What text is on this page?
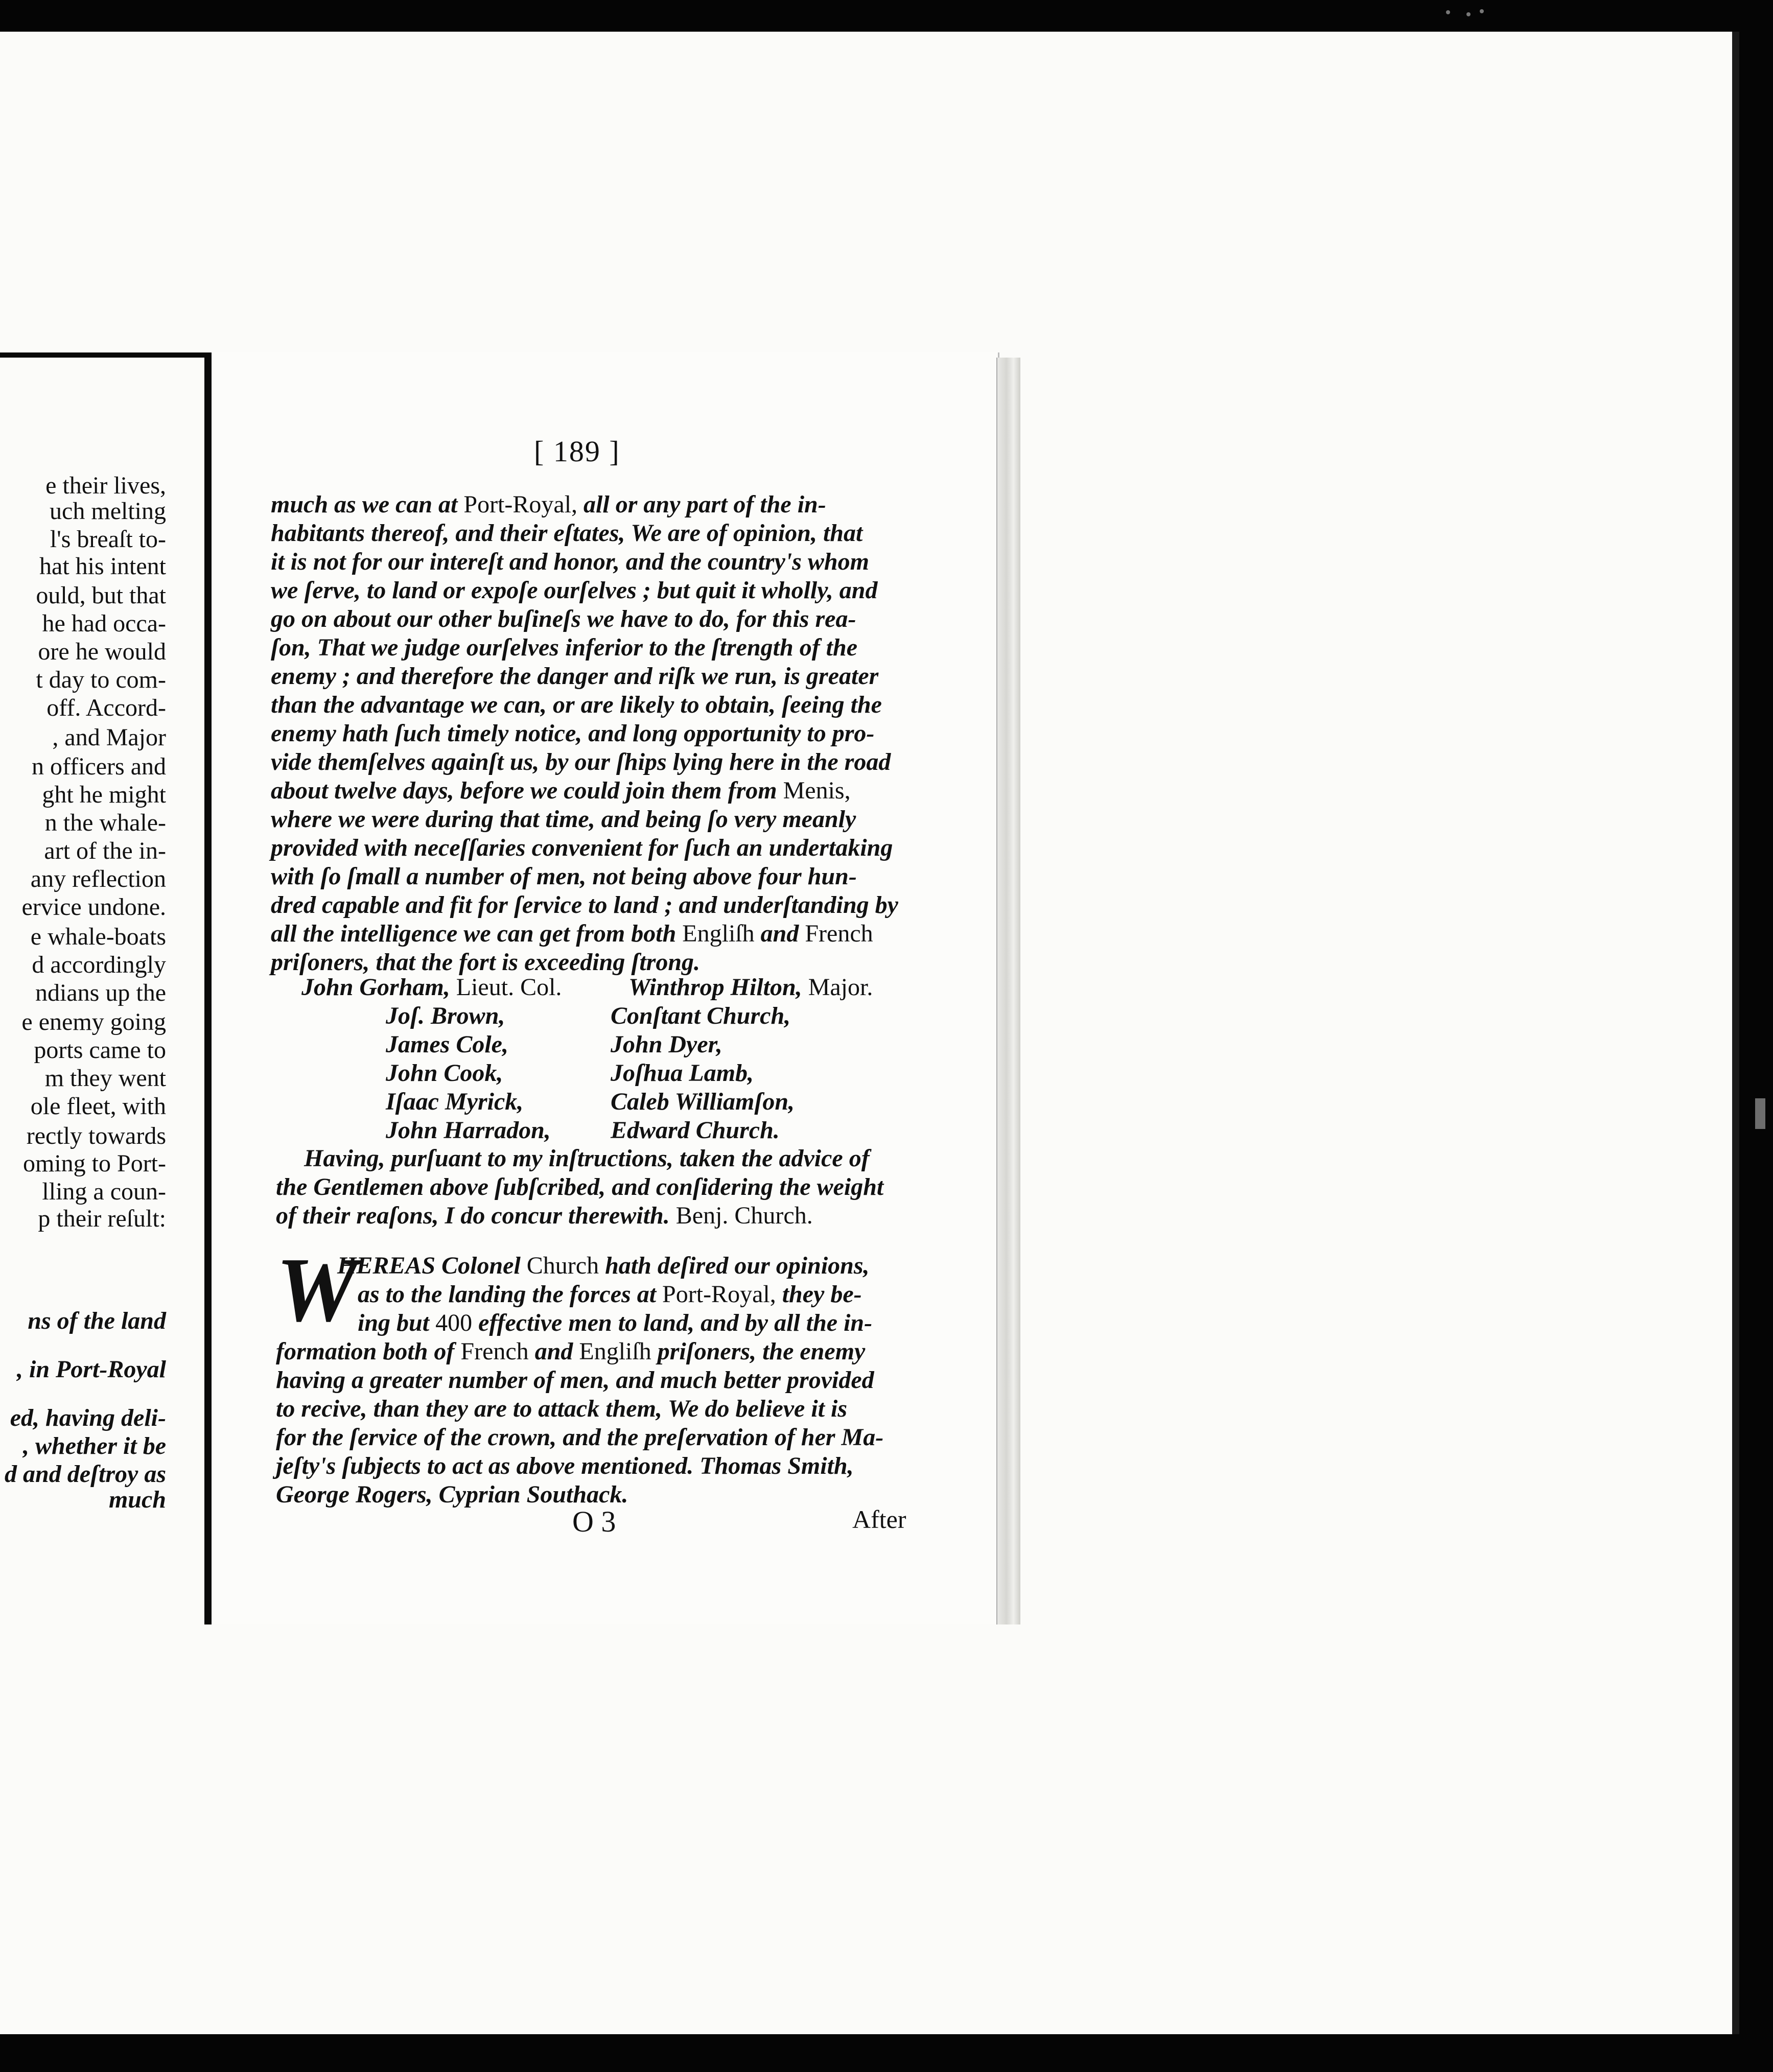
e their lives,
uch melting
l's breaſt to-
hat his intent
ould, but that
he had occa-
ore he would
t day to com-
off. Accord-
, and Major
n officers and
ght he might
n the whale-
art of the in-
any reflection
ervice undone.
e whale-boats
d accordingly
ndians up the
e enemy going
ports came to
m they went
ole fleet, with
rectly towards
oming to Port-
lling a coun-
p their reſult:
ns of the land
, in Port-Royal
ed, having deli-
, whether it be
d and deſtroy as
much
[ 189 ]
much as we can at Port-Royal, all or any part of the in-
habitants thereof, and their eſtates, We are of opinion, that
it is not for our intereſt and honor, and the country's whom
we ſerve, to land or expoſe ourſelves ; but quit it wholly, and
go on about our other buſineſs we have to do, for this rea-
ſon, That we judge ourſelves inferior to the ſtrength of the
enemy ; and therefore the danger and riſk we run, is greater
than the advantage we can, or are likely to obtain, ſeeing the
enemy hath ſuch timely notice, and long opportunity to pro-
vide themſelves againſt us, by our ſhips lying here in the road
about twelve days, before we could join them from Menis,
where we were during that time, and being ſo very meanly
provided with neceſſaries convenient for ſuch an undertaking
with ſo ſmall a number of men, not being above four hun-
dred capable and fit for ſervice to land ; and underſtanding by
all the intelligence we can get from both Engliſh and French
priſoners, that the fort is exceeding ſtrong.
John Gorham, Lieut. Col.
Joſ. Brown,
James Cole,
John Cook,
Iſaac Myrick,
John Harradon,
Winthrop Hilton, Major.
Conſtant Church,
John Dyer,
Joſhua Lamb,
Caleb Williamſon,
Edward Church.
Having, purſuant to my inſtructions, taken the advice of
the Gentlemen above ſubſcribed, and conſidering the weight
of their reaſons, I do concur therewith. Benj. Church.
W
HEREAS Colonel Church hath deſired our opinions,
as to the landing the forces at Port-Royal, they be-
ing but 400 effective men to land, and by all the in-
formation both of French and Engliſh priſoners, the enemy
having a greater number of men, and much better provided
to recive, than they are to attack them, We do believe it is
for the ſervice of the crown, and the preſervation of her Ma-
jeſty's ſubjects to act as above mentioned. Thomas Smith,
George Rogers, Cyprian Southack.
O 3	After
